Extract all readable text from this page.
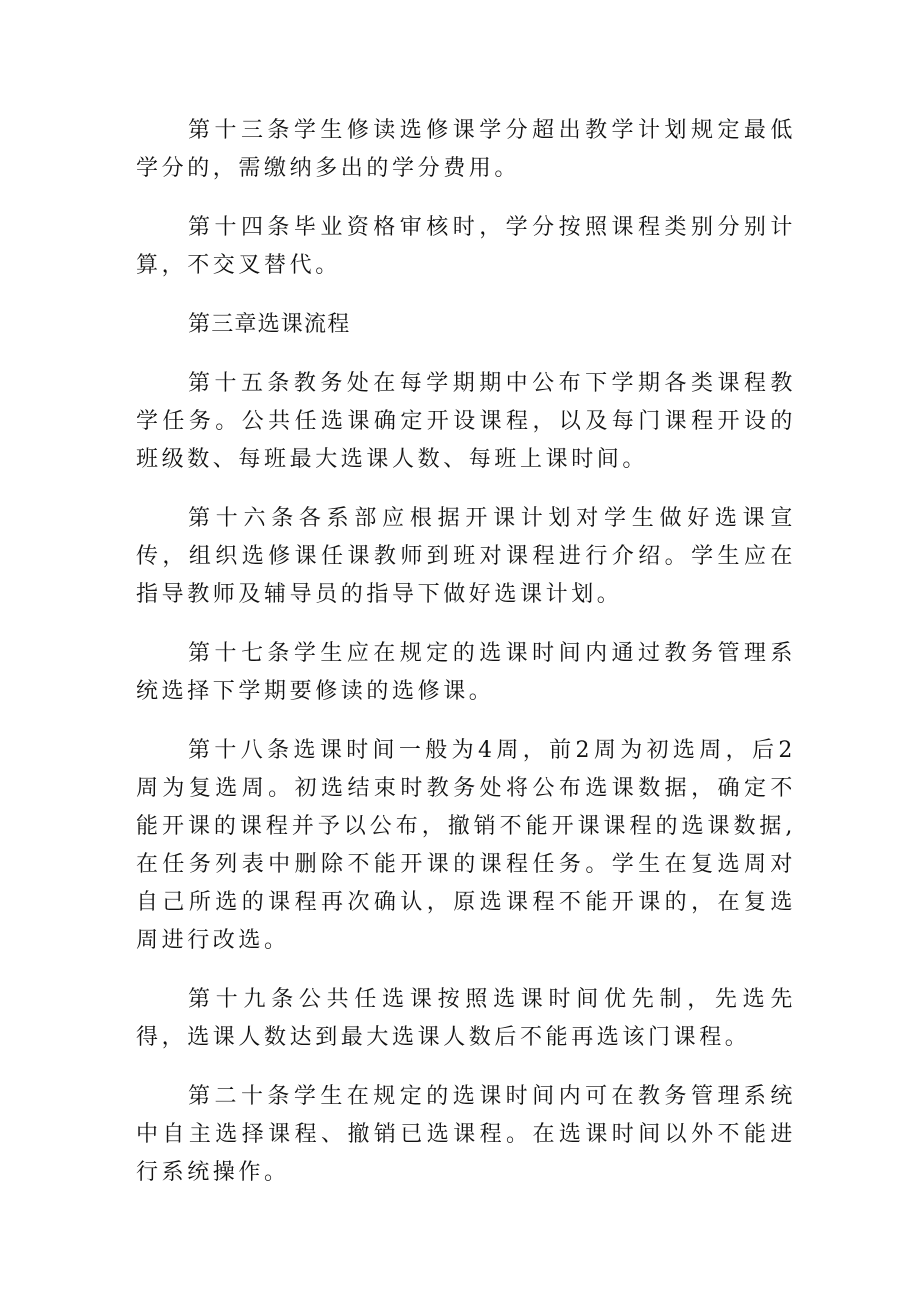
第十三条学生修读选修课学分超出教学计划规定最低学分的，需缴纳多出的学分费用。

第十四条毕业资格审核时，学分按照课程类别分别计算，不交叉替代。

第三章选课流程

第十五条教务处在每学期期中公布下学期各类课程教学任务。公共任选课确定开设课程，以及每门课程开设的班级数、每班最大选课人数、每班上课时间。

第十六条各系部应根据开课计划对学生做好选课宣传，组织选修课任课教师到班对课程进行介绍。学生应在指导教师及辅导员的指导下做好选课计划。

第十七条学生应在规定的选课时间内通过教务管理系统选择下学期要修读的选修课。

第十八条选课时间一般为4周，前2周为初选周，后2周为复选周。初选结束时教务处将公布选课数据，确定不能开课的课程并予以公布，撤销不能开课课程的选课数据,在任务列表中删除不能开课的课程任务。学生在复选周对自己所选的课程再次确认，原选课程不能开课的，在复选周进行改选。

第十九条公共任选课按照选课时间优先制，先选先得，选课人数达到最大选课人数后不能再选该门课程。

第二十条学生在规定的选课时间内可在教务管理系统中自主选择课程、撤销已选课程。在选课时间以外不能进行系统操作。
